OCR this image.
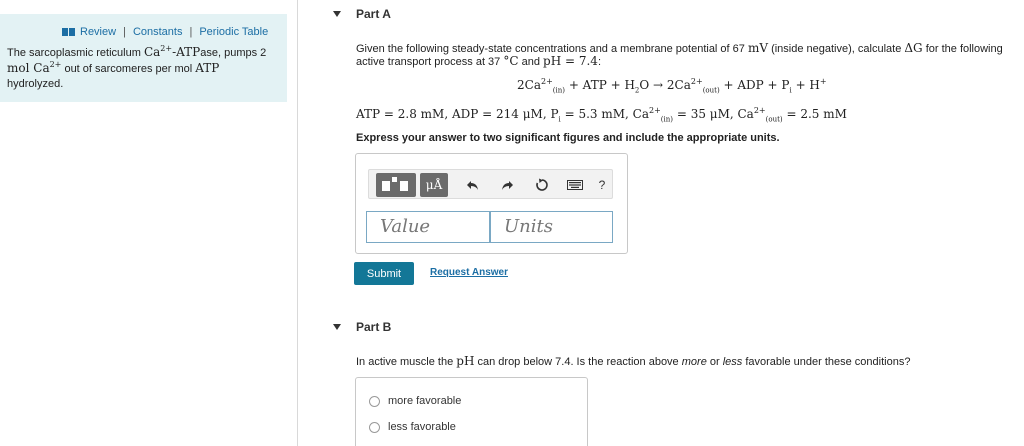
Review | Constants | Periodic Table
The sarcoplasmic reticulum $Ca^{2+}$-ATPase, pumps 2
mol $Ca^{2+}$ out of sarcomeres per mol ATP
hydrolyzed.
Part A
Given the following steady-state concentrations and a membrane potential of 67 mV (inside negative), calculate ΔG for the following
active transport process at 37 °C and pH = 7.4:
$2Ca^{2+}_{(in)}$ + ATP + $H_2O \to 2Ca^{2+}_{(out)}$ + ADP + $P_i + H^+$
ATP = 2.8 mM, ADP = 214 μM, $P_i = 5.3$ mM, $Ca^{2+}_{(in)} = 35$ μM, $Ca^{2+}_{(out)} = 2.5$ mM
Express your answer to two significant figures and include the appropriate units.
μÅ	?
Value	Units
Submit	Request Answer
Part B
In active muscle the pH can drop below 7.4. Is the reaction above more or less favorable under these conditions?
more favorable
less favorable
